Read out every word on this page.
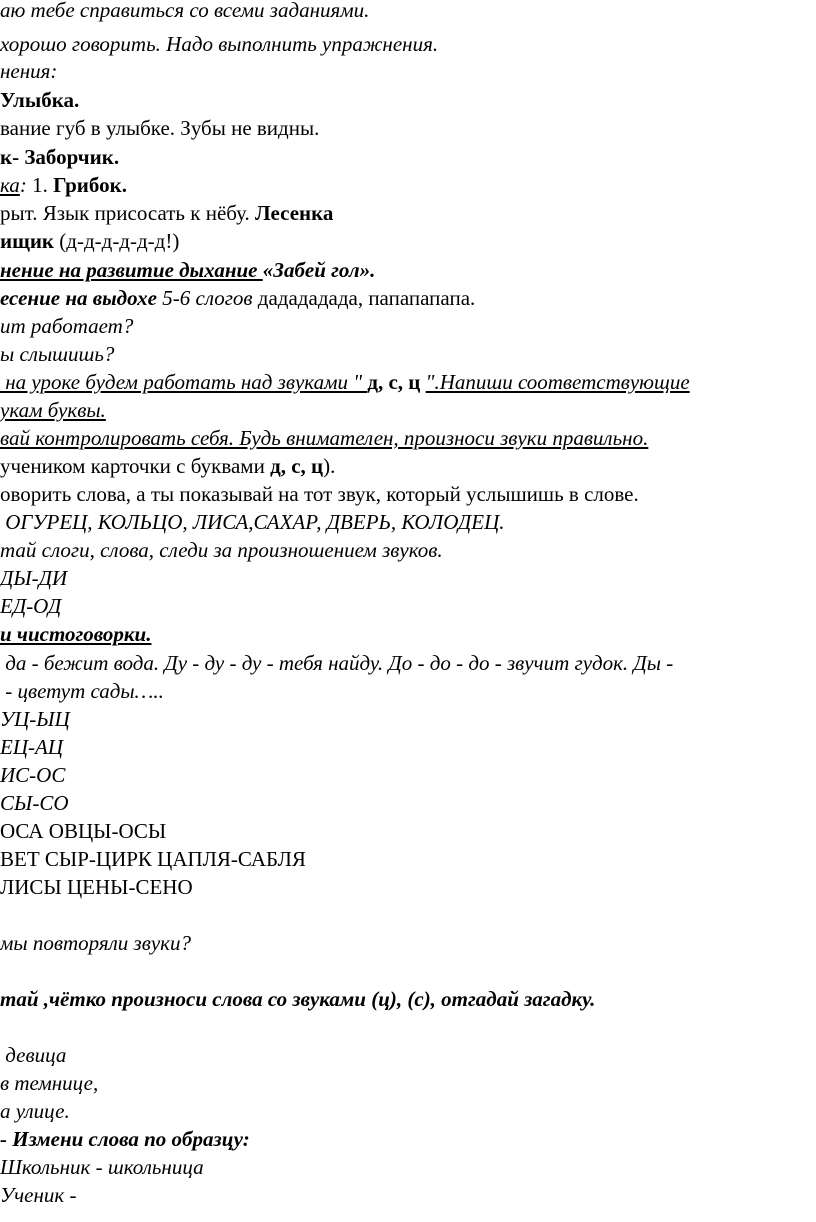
аю тебе справиться со всеми заданиями.
хорошо говорить. Надо выполнить упражнения.
нения:
Улыбка.
вание губ в улыбке. Зубы не видны.
к- Заборчик.
ка: 1. Грибок.
рыт. Язык присосать к нёбу. Лесенка
ищик (д-д-д-д-д-д!)
нение на развитие дыхание «Забей гол».
есение на выдохе 5-6 слогов дадададада, папапапапа.
ит работает?
ы слышишь?
на уроке будем работать над звуками " д, с, ц ".Напиши соответствующие
укам буквы.
вай контролировать себя. Будь внимателен, произноси звуки правильно.
учеником карточки с буквами д, с, ц).
оворить слова, а ты показывай на тот звук, который услышишь в слове.
ОГУРЕЦ, КОЛЬЦО, ЛИСА,САХАР, ДВЕРЬ, КОЛОДЕЦ.
тай слоги, слова, следи за произношением звуков.
ДЫ-ДИ
ЕД-ОД
и чистоговорки.
да - бежит вода. Ду - ду - ду - тебя найду. До - до - до - звучит гудок. Ды -
- цветут сады…..
УЦ-ЫЦ
ЕЦ-АЦ
ИС-ОС
СЫ-СО
ОСА ОВЦЫ-ОСЫ
ВЕТ СЫР-ЦИРК ЦАПЛЯ-САБЛЯ
ЛИСЫ ЦЕНЫ-СЕНО
мы повторяли звуки?
тай ,чётко произноси слова со звуками (ц), (с), отгадай загадку.
девица
в темнице,
а улице.
- Измени слова по образцу:
Школьник - школьница
Ученик -
